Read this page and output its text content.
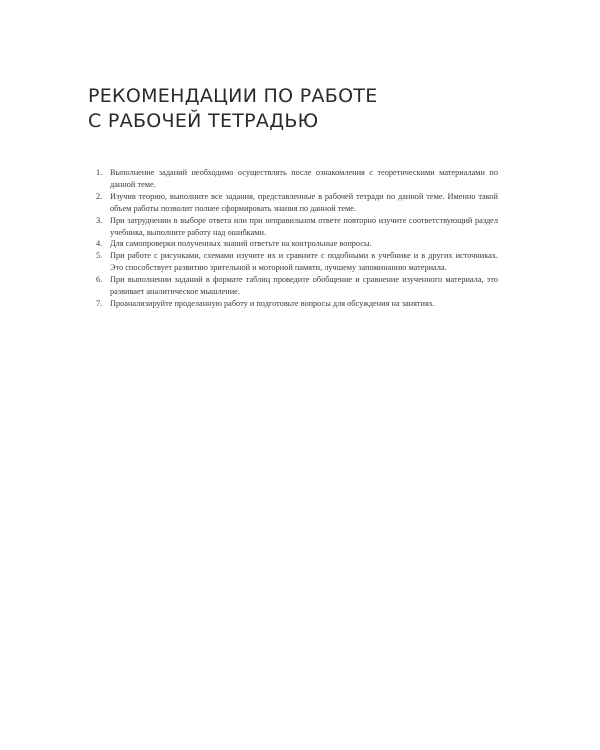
РЕКОМЕНДАЦИИ ПО РАБОТЕ
С РАБОЧЕЙ ТЕТРАДЬЮ
1. Выполнение заданий необходимо осуществлять после ознакомления с теоретическими материалами по данной теме.
2. Изучив теорию, выполните все задания, представленные в рабочей тетради по данной теме. Именно такой объем работы позволит полнее сформировать знания по данной теме.
3. При затруднении в выборе ответа или при неправильном ответе повторно изучите соответствующий раздел учебника, выполните работу над ошибками.
4. Для самопроверки полученных знаний ответьте на контрольные вопросы.
5. При работе с рисунками, схемами изучите их и сравните с подобными в учебнике и в других источниках. Это способствует развитию зрительной и моторной памяти, лучшему запоминанию материала.
6. При выполнении заданий в формате таблиц проведите обобщение и сравнение изученного материала, это развивает аналитическое мышление.
7. Проанализируйте проделанную работу и подготовьте вопросы для обсуждения на занятиях.
